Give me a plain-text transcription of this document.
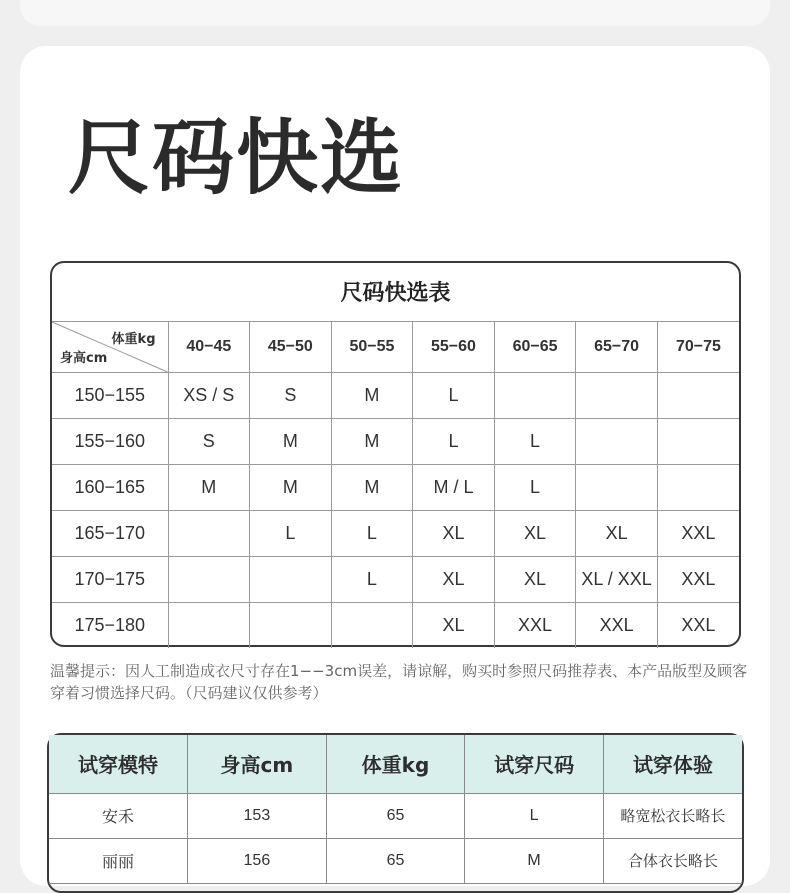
尺码快选
尺码快选表							

体重kg
身高cm	40−45	45−50	50−55	55−60	60−65	65−70	70−75
150−155	XS / S	S	M	L			
155−160	S	M	M	L	L		
160−165	M	M	M	M / L	L		
165−170		L	L	XL	XL	XL	XXL
170−175			L	XL	XL	XL / XXL	XXL
175−180				XL	XXL	XXL	XXL
温馨提示：因人工制造成衣尺寸存在1−−3cm误差，请谅解，购买时参照尺码推荐表、本产品版型及顾客穿着习惯选择尺码。（尺码建议仅供参考）
试穿模特	身高cm	体重kg	试穿尺码	试穿体验
安禾	153	65	L	略宽松衣长略长
丽丽	156	65	M	合体衣长略长
